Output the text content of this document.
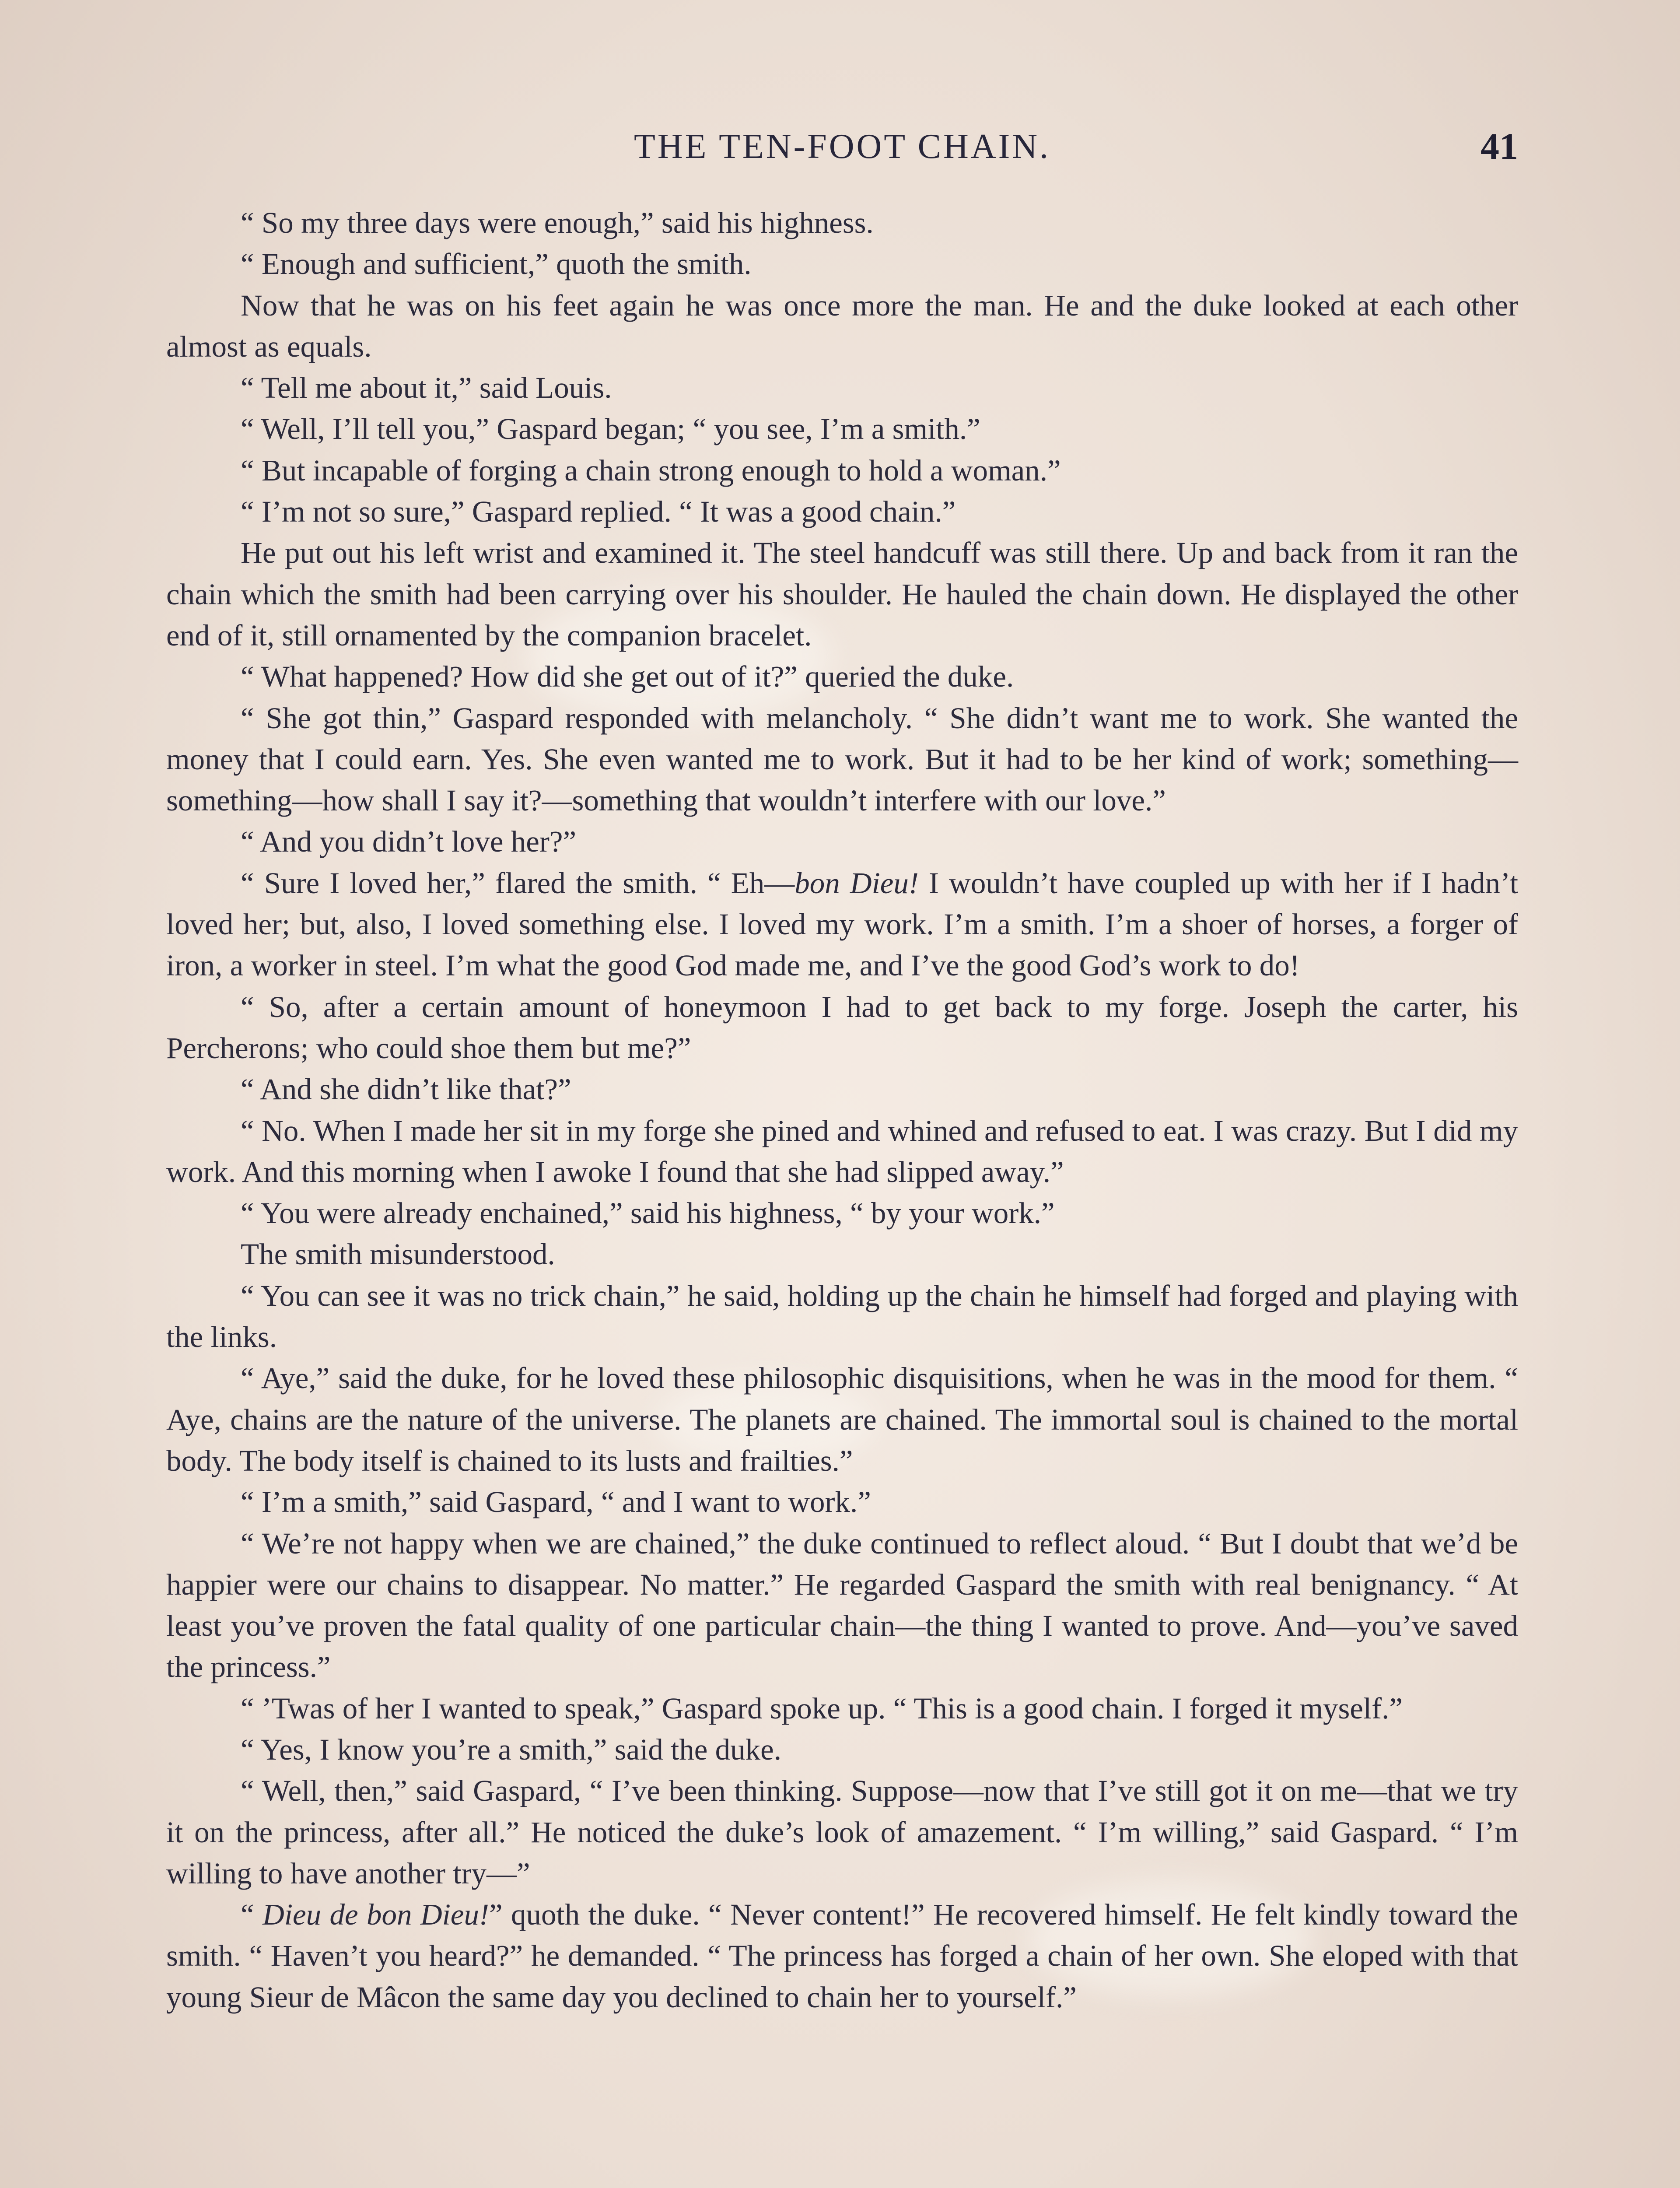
THE TEN-FOOT CHAIN.	41

“ So my three days were enough,” said his highness.

“ Enough and sufficient,” quoth the smith.

Now that he was on his feet again he was once more the man. He and the duke looked at each other almost as equals.

“ Tell me about it,” said Louis.

“ Well, I’ll tell you,” Gaspard began; “ you see, I’m a smith.”

“ But incapable of forging a chain strong enough to hold a woman.”

“ I’m not so sure,” Gaspard replied. “ It was a good chain.”

He put out his left wrist and examined it. The steel handcuff was still there. Up and back from it ran the chain which the smith had been carrying over his shoulder. He hauled the chain down. He displayed the other end of it, still ornamented by the companion bracelet.

“ What happened? How did she get out of it?” queried the duke.

“ She got thin,” Gaspard responded with melancholy. “ She didn’t want me to work. She wanted the money that I could earn. Yes. She even wanted me to work. But it had to be her kind of work; something—something—how shall I say it?—something that wouldn’t interfere with our love.”

“ And you didn’t love her?”

“ Sure I loved her,” flared the smith. “ Eh—bon Dieu! I wouldn’t have coupled up with her if I hadn’t loved her; but, also, I loved something else. I loved my work. I’m a smith. I’m a shoer of horses, a forger of iron, a worker in steel. I’m what the good God made me, and I’ve the good God’s work to do!

“ So, after a certain amount of honeymoon I had to get back to my forge. Joseph the carter, his Percherons; who could shoe them but me?”

“ And she didn’t like that?”

“ No. When I made her sit in my forge she pined and whined and refused to eat. I was crazy. But I did my work. And this morning when I awoke I found that she had slipped away.”

“ You were already enchained,” said his highness, “ by your work.”

The smith misunderstood.

“ You can see it was no trick chain,” he said, holding up the chain he himself had forged and playing with the links.

“ Aye,” said the duke, for he loved these philosophic disquisitions, when he was in the mood for them. “ Aye, chains are the nature of the universe. The planets are chained. The immortal soul is chained to the mortal body. The body itself is chained to its lusts and frailties.”

“ I’m a smith,” said Gaspard, “ and I want to work.”

“ We’re not happy when we are chained,” the duke continued to reflect aloud. “ But I doubt that we’d be happier were our chains to disappear. No matter.” He regarded Gaspard the smith with real benignancy. “ At least you’ve proven the fatal quality of one particular chain—the thing I wanted to prove. And—you’ve saved the princess.”

“ ’Twas of her I wanted to speak,” Gaspard spoke up. “ This is a good chain. I forged it myself.”

“ Yes, I know you’re a smith,” said the duke.

“ Well, then,” said Gaspard, “ I’ve been thinking. Suppose—now that I’ve still got it on me—that we try it on the princess, after all.” He noticed the duke’s look of amazement. “ I’m willing,” said Gaspard. “ I’m willing to have another try—”

“ Dieu de bon Dieu!” quoth the duke. “ Never content!” He recovered himself. He felt kindly toward the smith. “ Haven’t you heard?” he demanded. “ The princess has forged a chain of her own. She eloped with that young Sieur de Mâcon the same day you declined to chain her to yourself.”
